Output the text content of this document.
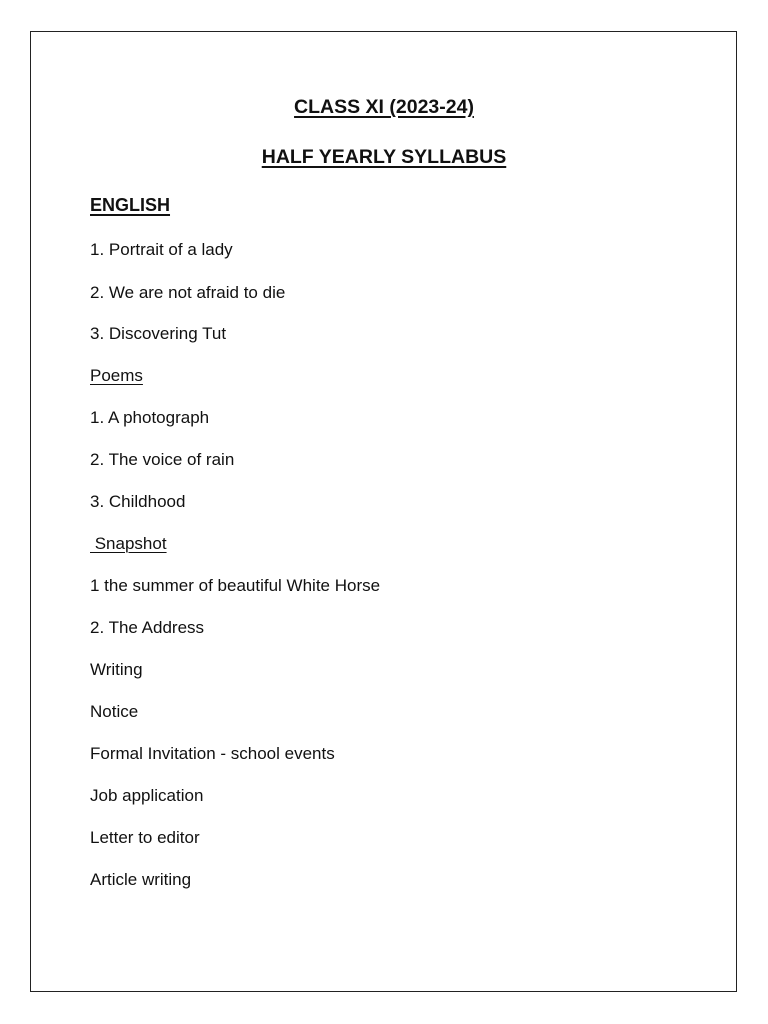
CLASS XI (2023-24)
HALF YEARLY SYLLABUS
ENGLISH
1. Portrait of a lady
2. We are not afraid to die
3. Discovering Tut
Poems
1. A photograph
2. The voice of rain
3. Childhood
Snapshot
1 the summer of beautiful White Horse
2. The Address
Writing
Notice
Formal Invitation - school events
Job application
Letter to editor
Article writing
